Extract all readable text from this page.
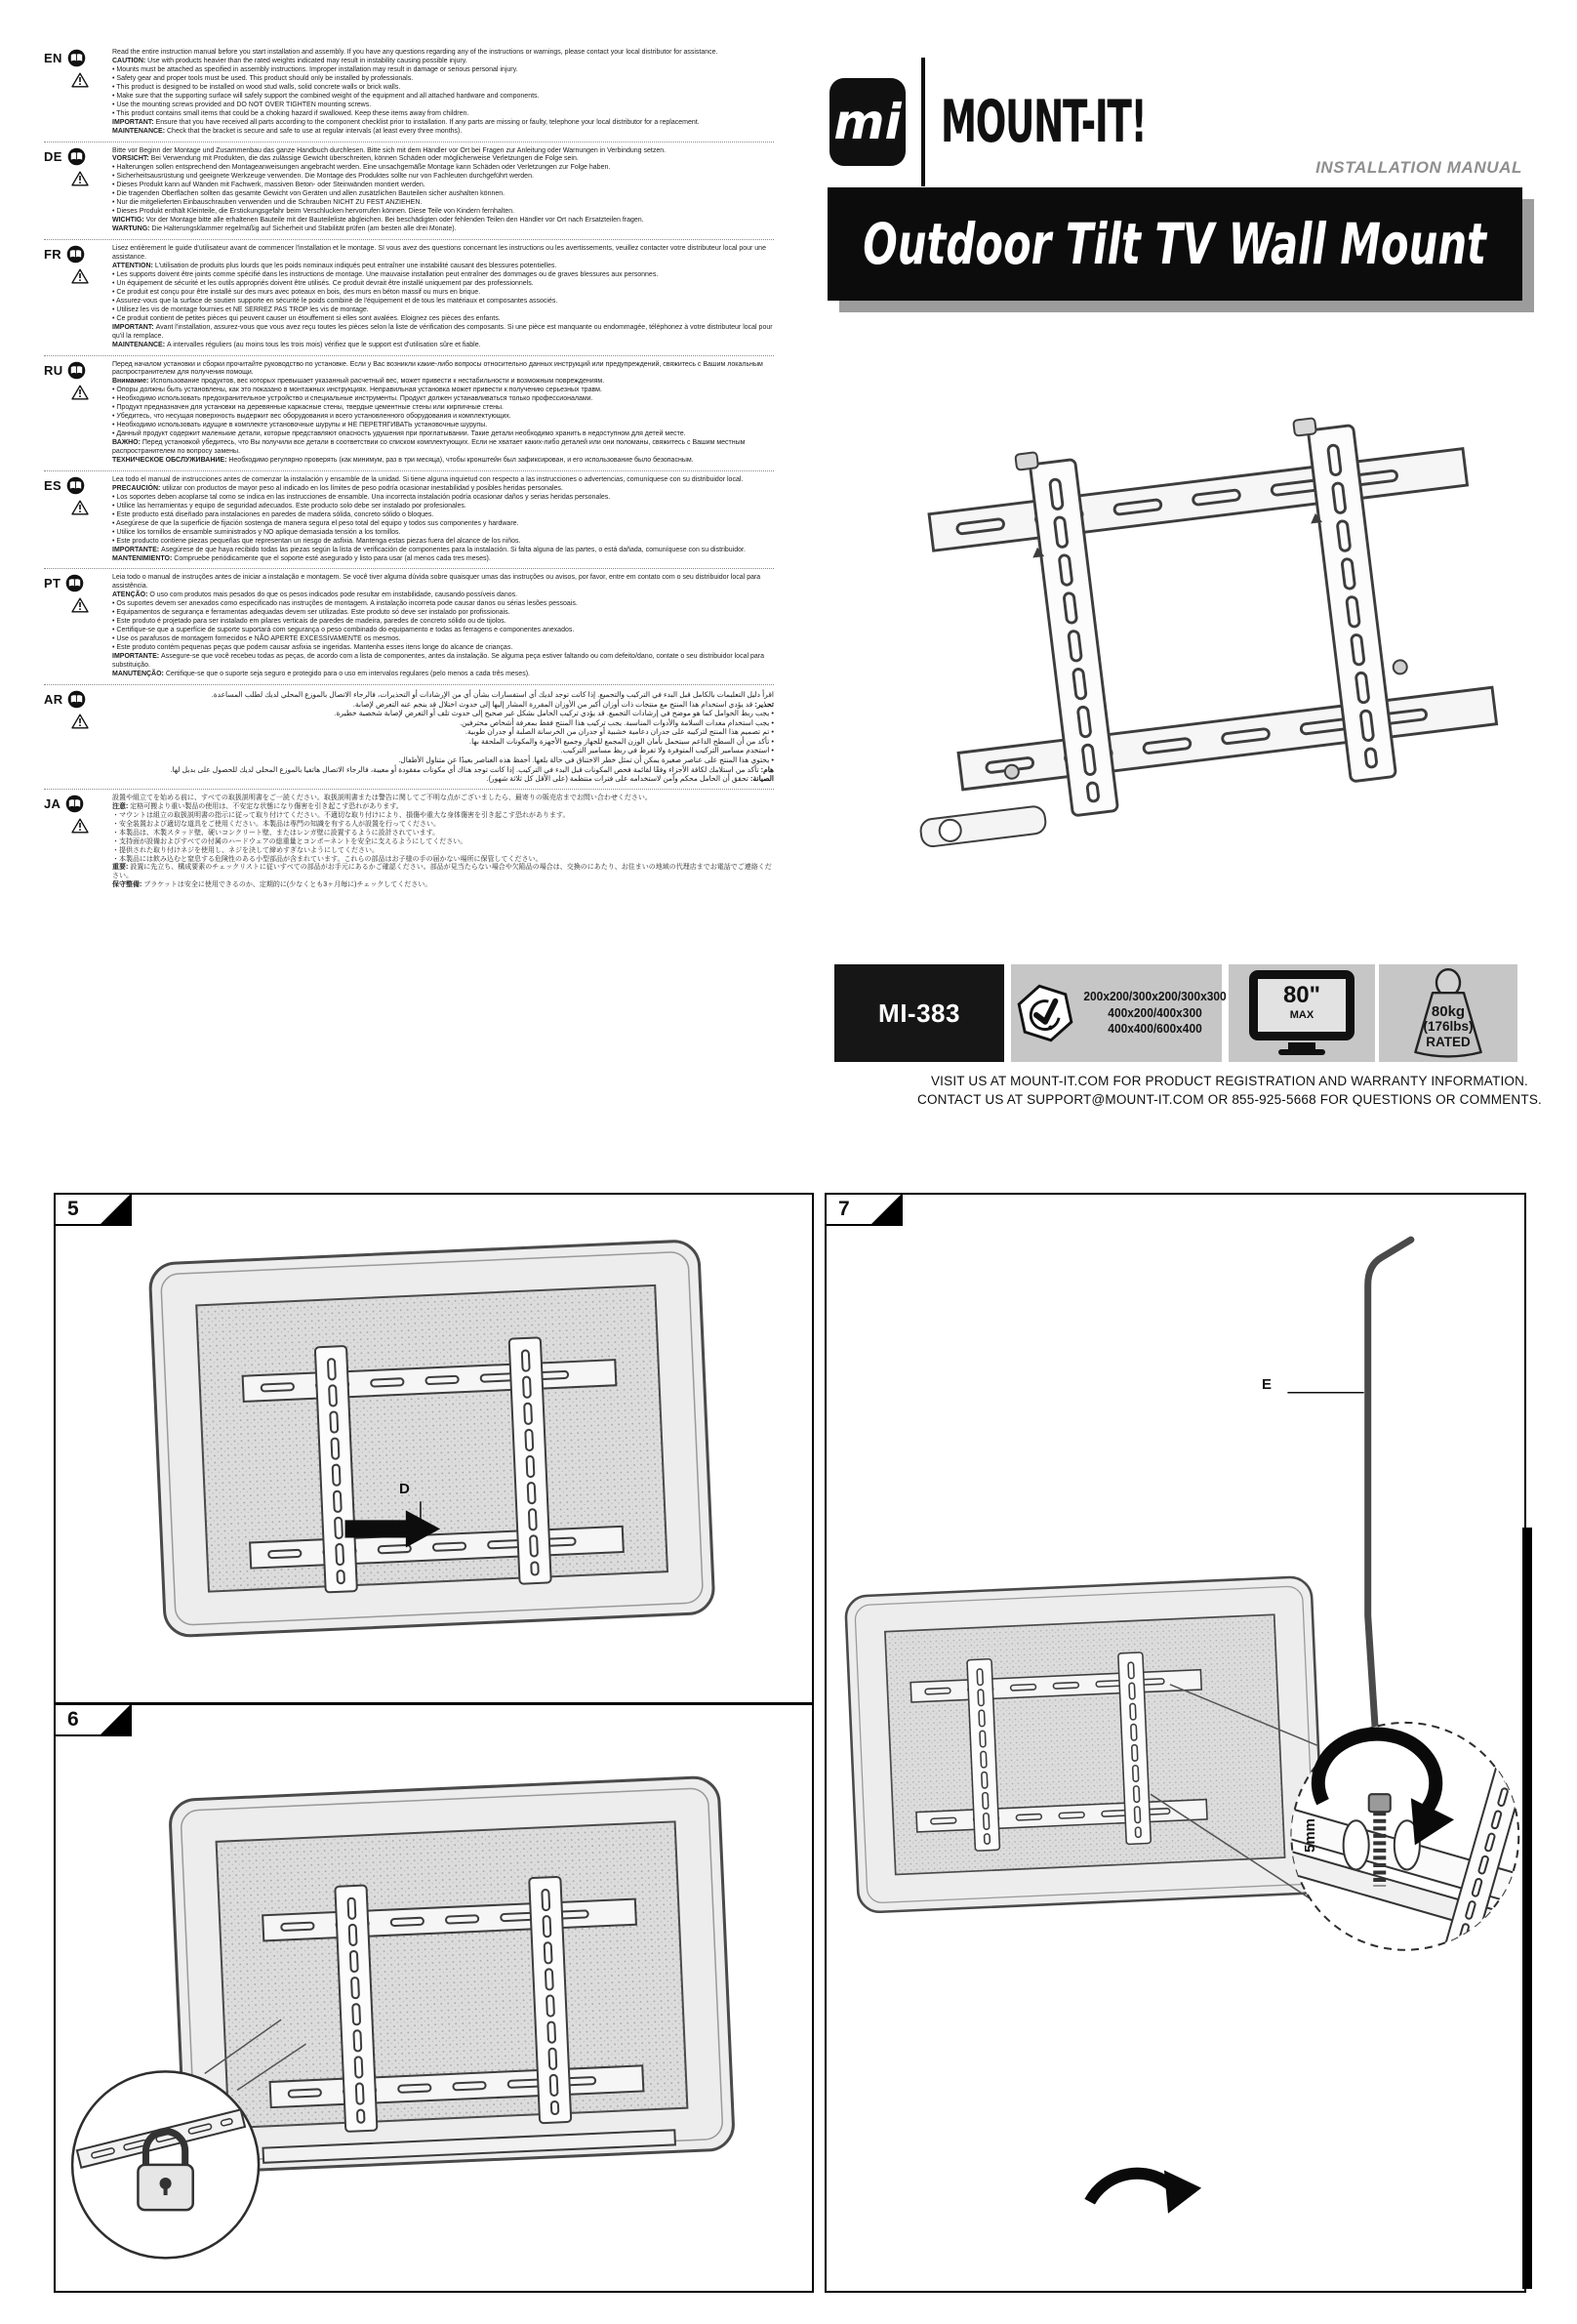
EN	Read the entire instruction manual before you start installation and assembly. If you have any questions regarding any of the instructions or warnings, please contact your local distributor for assistance.
CAUTION: Use with products heavier than the rated weights indicated may result in instability causing possible injury.
• Mounts must be attached as specified in assembly instructions. Improper installation may result in damage or serious personal injury.
• Safety gear and proper tools must be used. This product should only be installed by professionals.
• This product is designed to be installed on wood stud walls, solid concrete walls or brick walls.
• Make sure that the supporting surface will safely support the combined weight of the equipment and all attached hardware and components.
• Use the mounting screws provided and DO NOT OVER TIGHTEN mounting screws.
• This product contains small items that could be a choking hazard if swallowed. Keep these items away from children.
IMPORTANT: Ensure that you have received all parts according to the component checklist prior to installation. If any parts are missing or faulty, telephone your local distributor for a replacement.
MAINTENANCE: Check that the bracket is secure and safe to use at regular intervals (at least every three months).
DE	Bitte vor Beginn der Montage und Zusammenbau das ganze Handbuch durchlesen. Bitte sich mit dem Händler vor Ort bei Fragen zur Anleitung oder Warnungen in Verbindung setzen.
VORSICHT: Bei Verwendung mit Produkten, die das zulässige Gewicht überschreiten, können Schäden oder möglicherweise Verletzungen die Folge sein.
• Halterungen sollen entsprechend den Montageanweisungen angebracht werden. Eine unsachgemäße Montage kann Schäden oder Verletzungen zur Folge haben.
• Sicherheitsausrüstung und geeignete Werkzeuge verwenden. Die Montage des Produktes sollte nur von Fachleuten durchgeführt werden.
• Dieses Produkt kann auf Wänden mit Fachwerk, massiven Beton- oder Steinwänden montiert werden.
• Die tragenden Oberflächen sollten das gesamte Gewicht von Geräten und allen zusätzlichen Bauteilen sicher aushalten können.
• Nur die mitgelieferten Einbauschrauben verwenden und die Schrauben NICHT ZU FEST ANZIEHEN.
• Dieses Produkt enthält Kleinteile, die Erstickungsgefahr beim Verschlucken hervorrufen können. Diese Teile von Kindern fernhalten.
WICHTIG: Vor der Montage bitte alle erhaltenen Bauteile mit der Bauteileliste abgleichen. Bei beschädigten oder fehlenden Teilen den Händler vor Ort nach Ersatzteilen fragen.
WARTUNG: Die Halterungsklammer regelmäßig auf Sicherheit und Stabilität prüfen (am besten alle drei Monate).
FR	Lisez entièrement le guide d'utilisateur avant de commencer l'installation et le montage. SI vous avez des questions concernant les instructions ou les avertissements, veuillez contacter votre distributeur local pour une assistance.
ATTENTION: L'utilisation de produits plus lourds que les poids nominaux indiqués peut entraîner une instabilité causant des blessures potentielles.
• Les supports doivent être joints comme spécifié dans les instructions de montage. Une mauvaise installation peut entraîner des dommages ou de graves blessures aux personnes.
• Un équipement de sécurité et les outils appropriés doivent être utilisés. Ce produit devrait être installé uniquement par des professionnels.
• Ce produit est conçu pour être installé sur des murs avec poteaux en bois, des murs en béton massif ou murs en brique.
• Assurez-vous que la surface de soutien supporte en sécurité le poids combiné de l'équipement et de tous les matériaux et composantes associés.
• Utilisez les vis de montage fournies et NE SERREZ PAS TROP les vis de montage.
• Ce produit contient de petites pièces qui peuvent causer un étouffement si elles sont avalées. Eloignez ces pièces des enfants.
IMPORTANT: Avant l'installation, assurez-vous que vous avez reçu toutes les pièces selon la liste de vérification des composants. Si une pièce est manquante ou endommagée, téléphonez à votre distributeur local pour qu'il la remplace.
MAINTENANCE: A intervalles réguliers (au moins tous les trois mois) vérifiez que le support est d'utilisation sûre et fiable.
RU	Перед началом установки и сборки прочитайте руководство по установке. Если у Вас возникли какие-либо вопросы относительно данных инструкций или предупреждений, свяжитесь с Вашим локальным распространителем для получения помощи.
Внимание: Использование продуктов, вес которых превышает указанный расчетный вес, может привести к нестабильности и возможным повреждениям.
• Опоры должны быть установлены, как это показано в монтажных инструкциях. Неправильная установка может привести к получению серьезных травм.
• Необходимо использовать предохранительное устройство и специальные инструменты. Продукт должен устанавливаться только профессионалами.
• Продукт предназначен для установки на деревянные каркасные стены, твердые цементные стены или кирпичные стены.
• Убедитесь, что несущая поверхность выдержит вес оборудования и всего установленного оборудования и комплектующих.
• Необходимо использовать идущие в комплекте установочные шурупы и НЕ ПЕРЕТЯГИВАТЬ установочные шурупы.
• Данный продукт содержит маленькие детали, которые представляют опасность удушения при проглатывании. Такие детали необходимо хранить в недоступном для детей месте.
ВАЖНО: Перед установкой убедитесь, что Вы получили все детали в соответствии со списком комплектующих. Если не хватает каких-либо деталей или они поломаны, свяжитесь с Вашим местным распространителем по вопросу замены.
ТЕХНИЧЕСКОЕ ОБСЛУЖИВАНИЕ: Необходимо регулярно проверять (как минимум, раз в три месяца), чтобы кронштейн был зафиксирован, и его использование было безопасным.
ES	Lea todo el manual de instrucciones antes de comenzar la instalación y ensamble de la unidad. Si tiene alguna inquietud con respecto a las instrucciones o advertencias, comuníquese con su distribuidor local.
PRECAUCIÓN: utilizar con productos de mayor peso al indicado en los límites de peso podría ocasionar inestabilidad y posibles heridas personales.
• Los soportes deben acoplarse tal como se indica en las instrucciones de ensamble. Una incorrecta instalación podría ocasionar daños y serias heridas personales.
• Utilice las herramientas y equipo de seguridad adecuados. Este producto solo debe ser instalado por profesionales.
• Este producto está diseñado para instalaciones en paredes de madera sólida, concreto sólido o bloques.
• Asegúrese de que la superficie de fijación sostenga de manera segura el peso total del equipo y todos sus componentes y hardware.
• Utilice los tornillos de ensamble suministrados y NO aplique demasiada tensión a los tornillos.
• Este producto contiene piezas pequeñas que representan un riesgo de asfixia. Mantenga estas piezas fuera del alcance de los niños.
IMPORTANTE: Asegúrese de que haya recibido todas las piezas según la lista de verificación de componentes para la instalación. Si falta alguna de las partes, o está dañada, comuníquese con su distribuidor.
MANTENIMIENTO: Compruebe periódicamente que el soporte esté asegurado y listo para usar (al menos cada tres meses).
PT	Leia todo o manual de instruções antes de iniciar a instalação e montagem. Se você tiver alguma dúvida sobre quaisquer umas das instruções ou avisos, por favor, entre em contato com o seu distribuidor local para assistência.
ATENÇÃO: O uso com produtos mais pesados do que os pesos indicados pode resultar em instabilidade, causando possíveis danos.
• Os suportes devem ser anexados como especificado nas instruções de montagem. A instalação incorreta pode causar danos ou sérias lesões pessoais.
• Equipamentos de segurança e ferramentas adequadas devem ser utilizadas. Este produto só deve ser instalado por profissionais.
• Este produto é projetado para ser instalado em pilares verticais de paredes de madeira, paredes de concreto sólido ou de tijolos.
• Certifique-se que a superfície de suporte suportará com segurança o peso combinado do equipamento e todas as ferragens e componentes anexados.
• Use os parafusos de montagem fornecidos e NÃO APERTE EXCESSIVAMENTE os mesmos.
• Este produto contém pequenas peças que podem causar asfixia se ingeridas. Mantenha esses itens longe do alcance de crianças.
IMPORTANTE: Assegure-se que você recebeu todas as peças, de acordo com a lista de componentes, antes da instalação. Se alguma peça estiver faltando ou com defeito/dano, contate o seu distribuidor local para substituição.
MANUTENÇÃO: Certifique-se que o suporte seja seguro e protegido para o uso em intervalos regulares (pelo menos a cada três meses).
AR	اقرأ دليل التعليمات بالكامل قبل البدء في التركيب والتجميع. إذا كانت توجد لديك أي استفسارات بشأن أي من الإرشادات أو التحذيرات، فالرجاء الاتصال بالموزع المحلي لديك لطلب المساعدة.
تحذير: قد يؤدي استخدام هذا المنتج مع منتجات ذات أوزان أكبر من الأوزان المقررة المشار إليها إلى حدوث اختلال قد ينجم عنه التعرض لإصابة.
• يجب ربط الحوامل كما هو موضح في إرشادات التجميع. قد يؤدي تركيب الحامل بشكل غير صحيح إلى حدوث تلف أو التعرض لإصابة شخصية خطيرة.
• يجب استخدام معدات السلامة والأدوات المناسبة. يجب تركيب هذا المنتج فقط بمعرفة أشخاص محترفين.
• تم تصميم هذا المنتج لتركيبه على جدران دعامية خشبية أو جدران من الخرسانة الصلبة أو جدران طوبية.
• تأكد من أن السطح الداعم سيتحمل بأمان الوزن المجمع للجهاز وجميع الأجهزة والمكونات الملحقة بها.
• استخدم مسامير التركيب المتوفرة ولا تفرط في ربط مسامير التركيب.
• يحتوي هذا المنتج على عناصر صغيرة يمكن أن تمثل خطر الاختناق في حالة بلعها. أحفظ هذه العناصر بعيدًا عن متناول الأطفال.
هام: تأكد من استلامك لكافة الأجزاء وفقًا لقائمة فحص المكونات قبل البدء في التركيب. إذا كانت توجد هناك أي مكونات مفقودة أو معيبة، فالرجاء الاتصال هاتفيا بالموزع المحلي لديك للحصول على بديل لها.
الصيانة: تحقق أن الحامل محكم وآمن لاستخدامه على فترات منتظمة (على الأقل كل ثلاثة شهور).
JA	設置や組立てを始める前に、すべての取扱説明書をご一読ください。取扱説明書または警告に関してご不明な点がございましたら、最寄りの販売店までお問い合わせください。
注意: 定格可搬より重い製品の使用は、不安定な状態になり傷害を引き起こす恐れがあります。
・マウントは組立の取扱説明書の指示に従って取り付けてください。不適切な取り付けにより、損傷や重大な身体傷害を引き起こす恐れがあります。
・安全装置および適切な道具をご使用ください。本製品は専門の知識を有する人が設置を行ってください。
・本製品は、木製スタッド壁、硬いコンクリート壁、またはレンガ壁に設置するように設計されています。
・支持面が設備およびすべての付属のハードウェアの総重量とコンポーネントを安全に支えるようにしてください。
・提供された取り付けネジを使用し、ネジを決して締めすぎないようにしてください。
・本製品には飲み込むと窒息する危険性のある小型部品が含まれています。これらの部品はお子様の手の届かない場所に保管してください。
重要: 設置に先立ち、構成要素のチェックリストに従いすべての部品がお手元にあるかご確認ください。部品が見当たらない場合や欠陥品の場合は、交換のにあたり、お住まいの地域の代理店までお電話でご連絡ください。
保守整備: ブラケットは安全に使用できるのか、定期的に(少なくとも3ヶ月毎に)チェックしてください。
mi MOUNT-IT!
INSTALLATION MANUAL
Outdoor Tilt TV Wall Mount
MI-383
200x200/300x200/300x300
400x200/400x300
400x400/600x400
80"
MAX	80kg
(176lbs)
RATED
VISIT US AT MOUNT-IT.COM FOR PRODUCT REGISTRATION AND WARRANTY INFORMATION.
CONTACT US AT SUPPORT@MOUNT-IT.COM OR 855-925-5668 FOR QUESTIONS OR COMMENTS.
5
D
6
7
E
5mm
